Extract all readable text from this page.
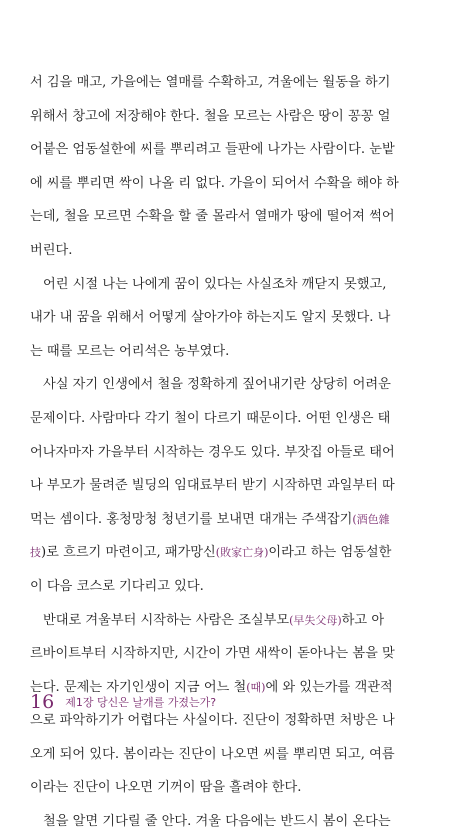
서 김을 매고, 가을에는 열매를 수확하고, 겨울에는 월동을 하기
위해서 창고에 저장해야 한다. 철을 모르는 사람은 땅이 꽁꽁 얼
어붙은 엄동설한에 씨를 뿌리려고 들판에 나가는 사람이다. 눈밭
에 씨를 뿌리면 싹이 나올 리 없다. 가을이 되어서 수확을 해야 하
는데, 철을 모르면 수확을 할 줄 몰라서 열매가 땅에 떨어져 썩어
버린다.
어린 시절 나는 나에게 꿈이 있다는 사실조차 깨닫지 못했고,
내가 내 꿈을 위해서 어떻게 살아가야 하는지도 알지 못했다. 나
는 때를 모르는 어리석은 농부였다.
사실 자기 인생에서 철을 정확하게 짚어내기란 상당히 어려운
문제이다. 사람마다 각기 철이 다르기 때문이다. 어떤 인생은 태
어나자마자 가을부터 시작하는 경우도 있다. 부잣집 아들로 태어
나 부모가 물려준 빌딩의 임대료부터 받기 시작하면 과일부터 따
먹는 셈이다. 홍청망청 청년기를 보내면 대개는 주색잡기(酒色雜
技)로 흐르기 마련이고, 패가망신(敗家亡身)이라고 하는 엄동설한
이 다음 코스로 기다리고 있다.
반대로 겨울부터 시작하는 사람은 조실부모(早失父母)하고 아
르바이트부터 시작하지만, 시간이 가면 새싹이 돋아나는 봄을 맞
는다. 문제는 자기인생이 지금 어느 철(때)에 와 있는가를 객관적
으로 파악하기가 어렵다는 사실이다. 진단이 정확하면 처방은 나
오게 되어 있다. 봄이라는 진단이 나오면 씨를 뿌리면 되고, 여름
이라는 진단이 나오면 기꺼이 땀을 흘려야 한다.
철을 알면 기다릴 줄 안다. 겨울 다음에는 반드시 봄이 온다는
16 제1장 당신은 날개를 가졌는가?
